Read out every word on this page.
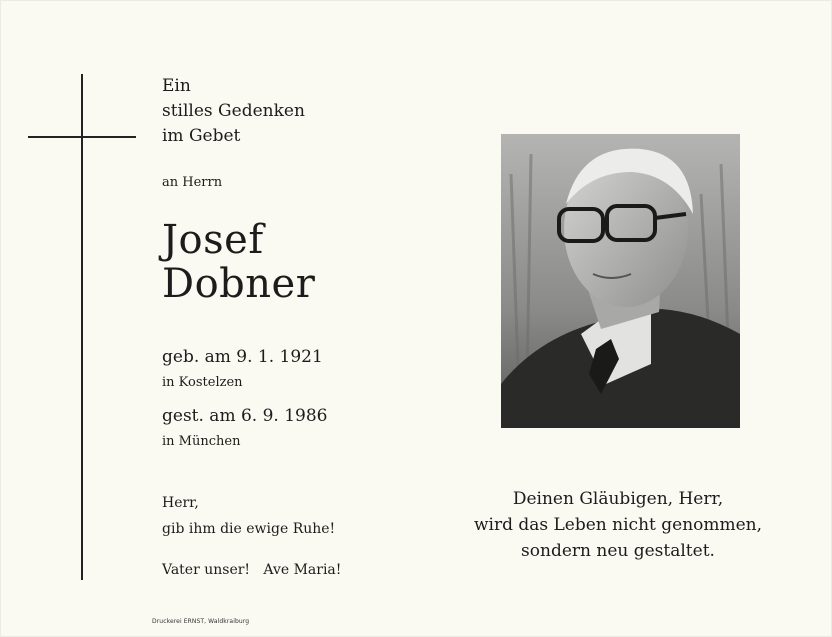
Ein
stilles Gedenken
im Gebet
an Herrn
Josef
Dobner
geb. am 9. 1. 1921
in Kostelzen
gest. am 6. 9. 1986
in München
Herr,
gib ihm die ewige Ruhe!
Vater unser!   Ave Maria!
Deinen Gläubigen, Herr,
wird das Leben nicht genommen,
sondern neu gestaltet.
Druckerei ERNST, Waldkraiburg
